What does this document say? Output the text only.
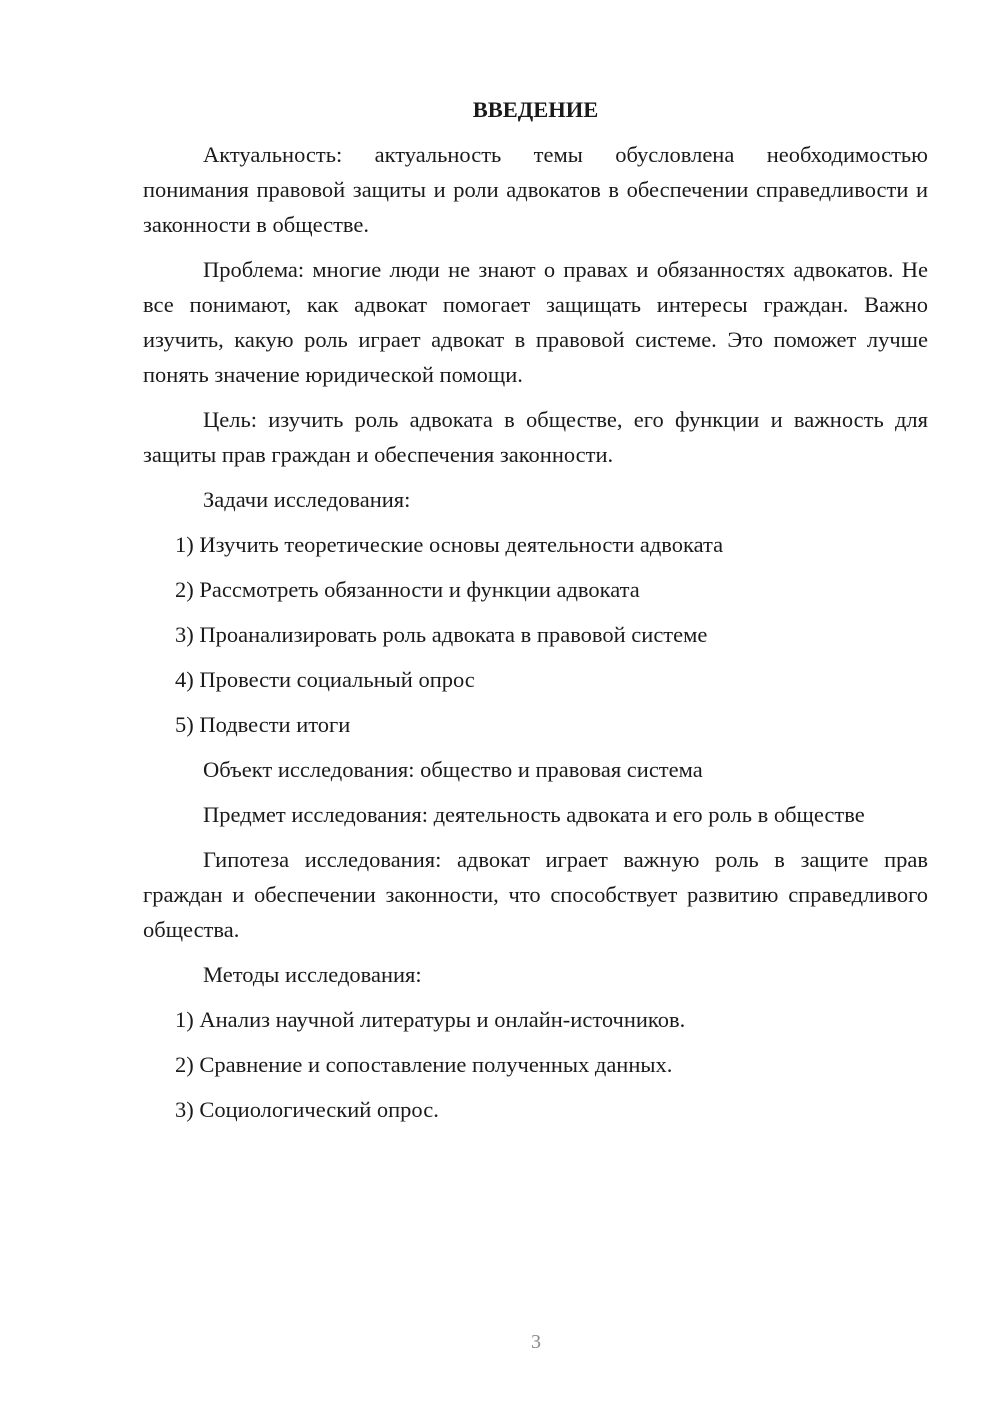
ВВЕДЕНИЕ

Актуальность: актуальность темы обусловлена необходимостью понимания правовой защиты и роли адвокатов в обеспечении справедливости и законности в обществе.

Проблема: многие люди не знают о правах и обязанностях адвокатов. Не все понимают, как адвокат помогает защищать интересы граждан. Важно изучить, какую роль играет адвокат в правовой системе. Это поможет лучше понять значение юридической помощи.

Цель: изучить роль адвоката в обществе, его функции и важность для защиты прав граждан и обеспечения законности.

Задачи исследования:

1) Изучить теоретические основы деятельности адвоката
2) Рассмотреть обязанности и функции адвоката
3) Проанализировать роль адвоката в правовой системе
4) Провести социальный опрос
5) Подвести итоги

Объект исследования: общество и правовая система

Предмет исследования: деятельность адвоката и его роль в обществе

Гипотеза исследования: адвокат играет важную роль в защите прав граждан и обеспечении законности, что способствует развитию справедливого общества.

Методы исследования:

1) Анализ научной литературы и онлайн-источников.
2) Сравнение и сопоставление полученных данных.
3) Социологический опрос.
3
